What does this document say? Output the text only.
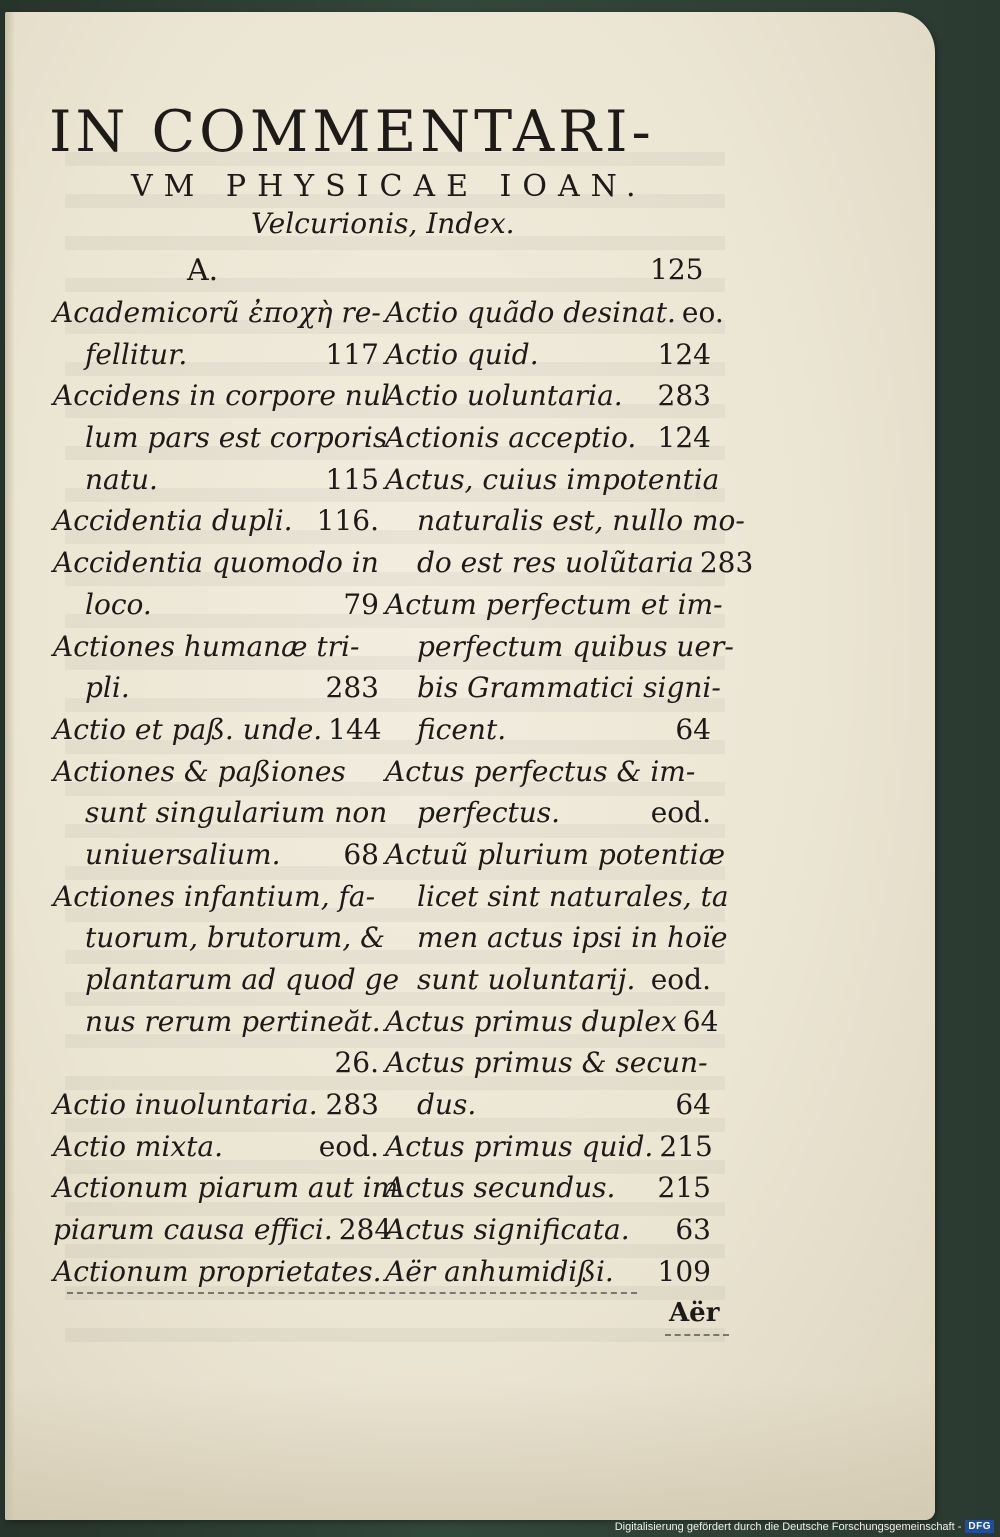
IN COMMENTARI-
VM PHYSICAE IOAN.
Velcurionis, Index.
A.	125
Academicorũ ἐποχὴ re-
fellitur.	117
Accidens in corpore nul
lum pars est corporis
natu.	115
Accidentia dupli. 116.
Accidentia quomodo in
loco.	79
Actiones humanæ tri-
pli.	283
Actio et paß. unde. 144
Actiones & paßiones
sunt singularium non
uniuersalium. 68
Actiones infantium, fa-
tuorum, brutorum, &
plantarum ad quod ge
nus rerum pertineăt.
26.
Actio inuoluntaria. 283
Actio mixta.	eod.
Actionum piarum aut im
piarum causa effici. 284
Actionum proprietates.
Actio quãdo desinat. eo.
Actio quid.	124
Actio uoluntaria. 283
Actionis acceptio. 124
Actus, cuius impotentia
naturalis est, nullo mo-
do est res uolũtaria 283
Actum perfectum et im-
perfectum quibus uer-
bis Grammatici signi-
ficent.	64
Actus perfectus & im-
perfectus.	eod.
Actuũ plurium potentiæ
licet sint naturales, ta
men actus ipsi in hoïe
sunt uoluntarij. eod.
Actus primus duplex 64
Actus primus & secun-
dus.	64
Actus primus quid. 215
Actus secundus. 215
Actus significata. 63
Aër anhumidißi. 109
Aër
Digitalisierung gefördert durch die Deutsche Forschungsgemeinschaft - DFG
